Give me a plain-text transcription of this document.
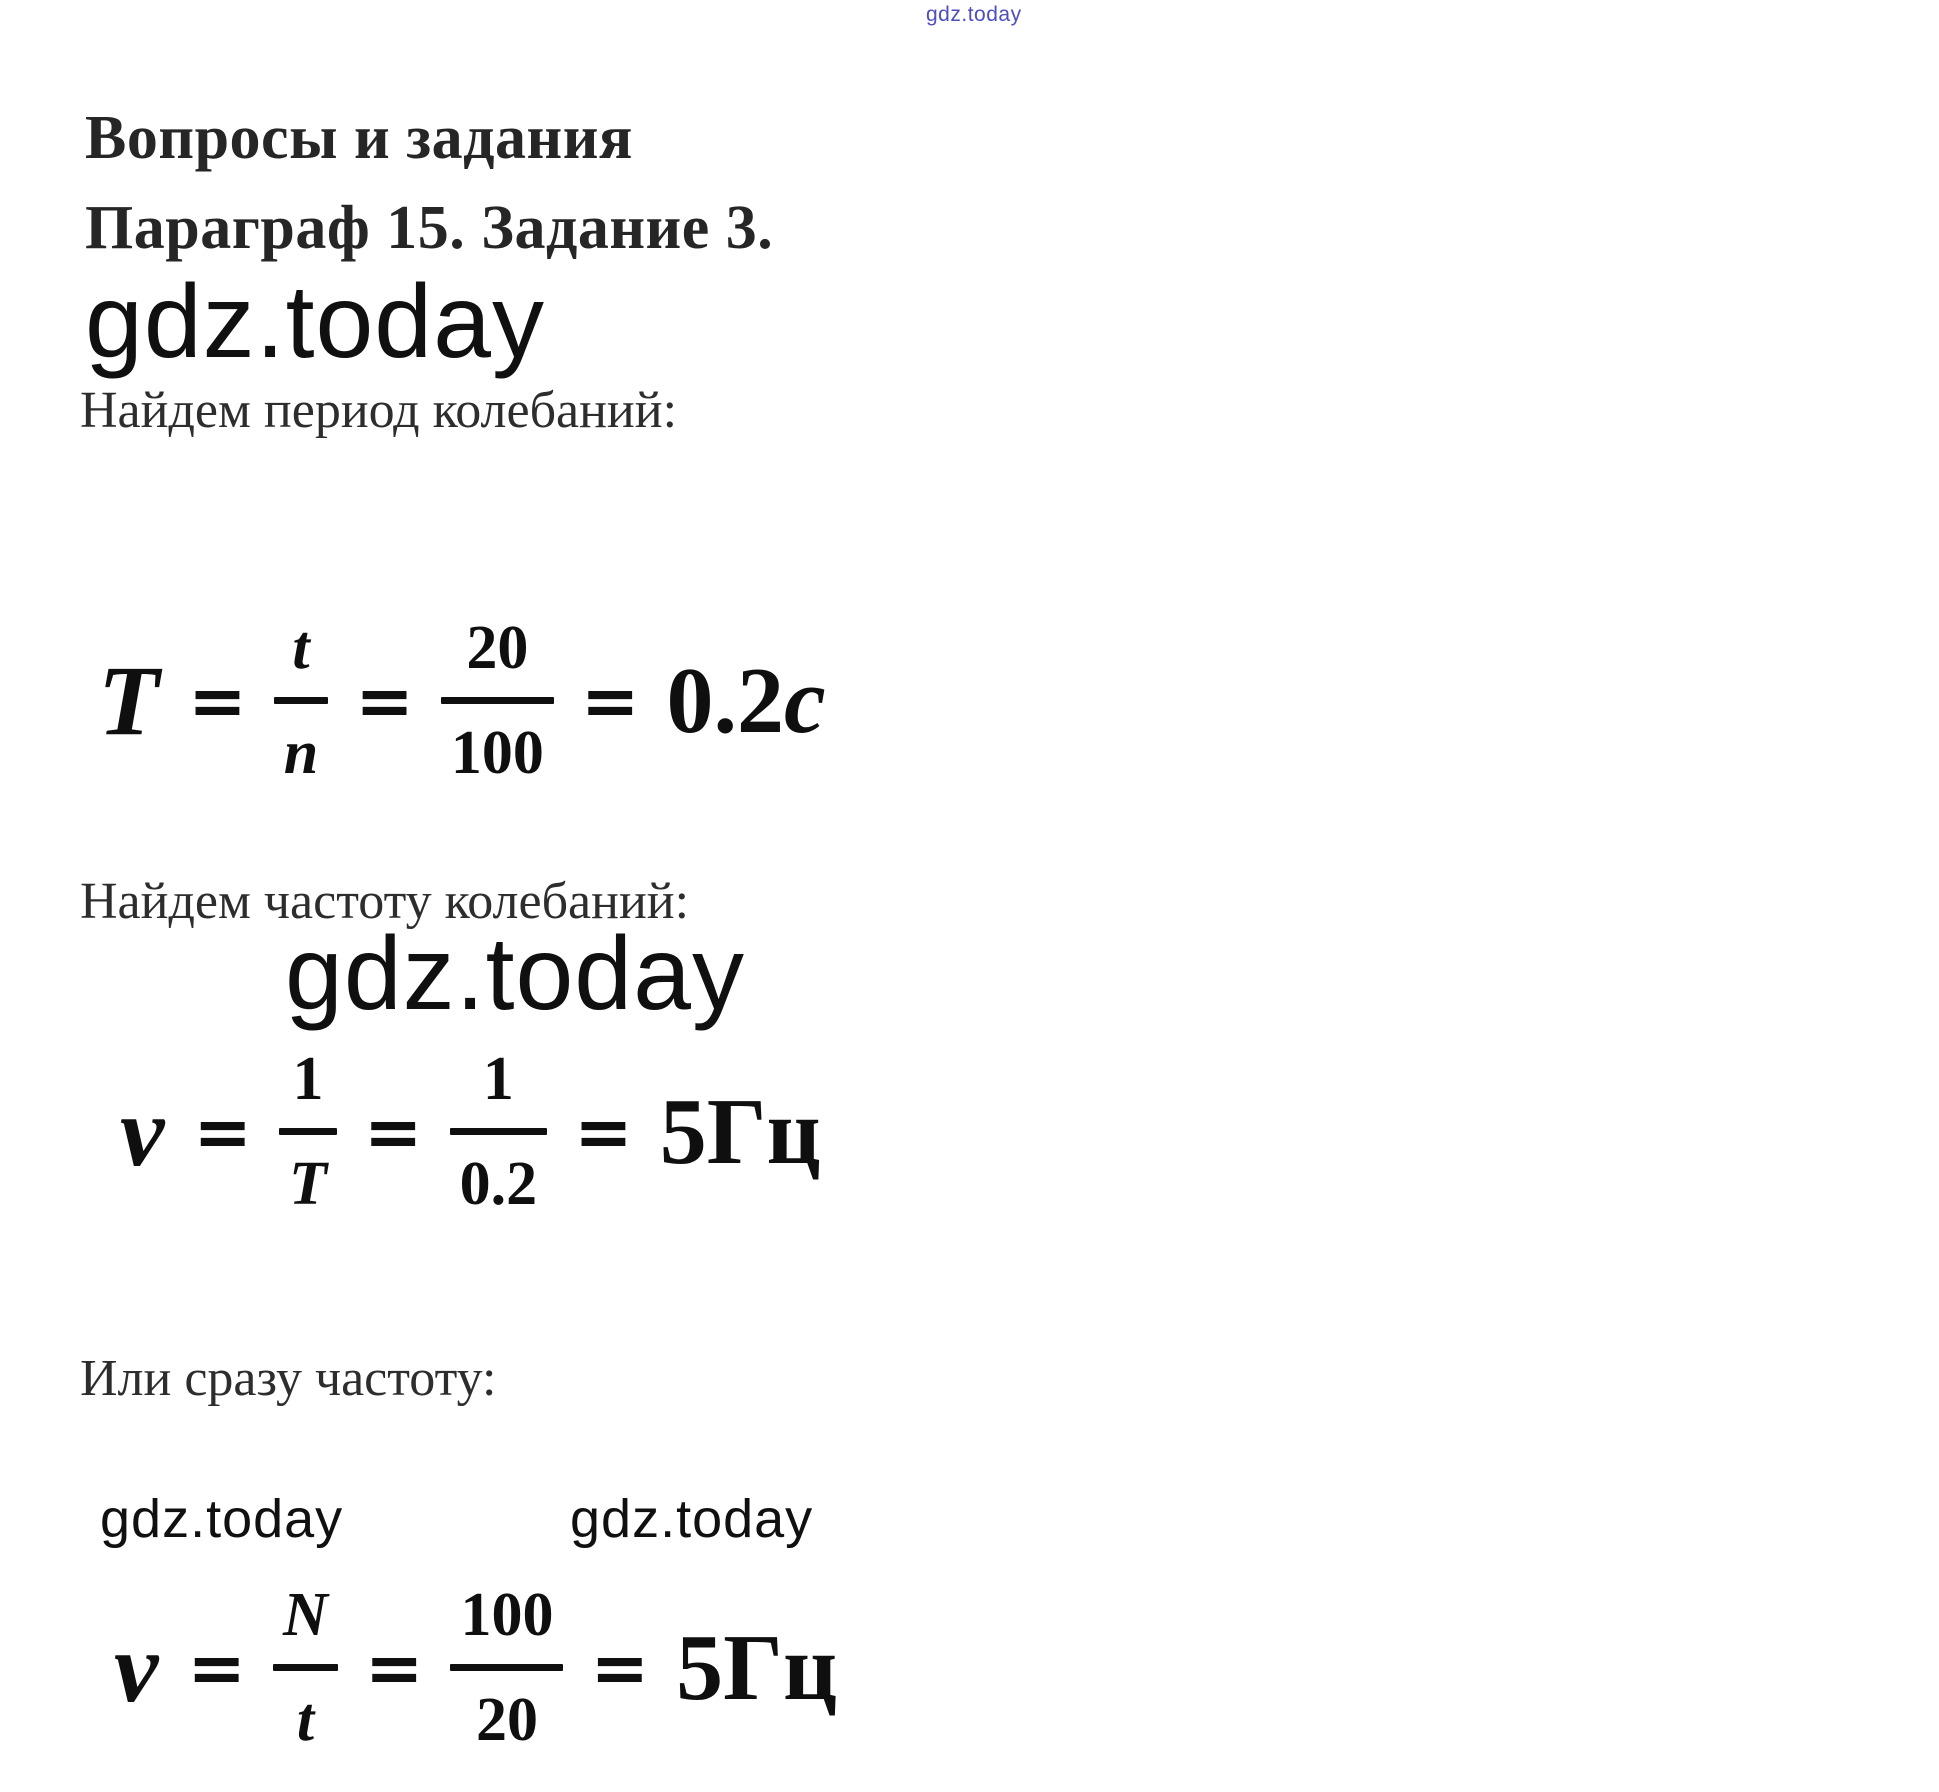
gdz.today
Вопросы и задания
Параграф 15. Задание 3.
gdz.today

Найдем период колебаний:

T =
t
n
=
20
100
= 0.2c

Найдем частоту колебаний:

gdz.today
v =
1
T
=
1
0.2
= 5Гц

Или сразу частоту:

gdz.today	gdz.today
v =
N
t
=
100
20
= 5Гц
